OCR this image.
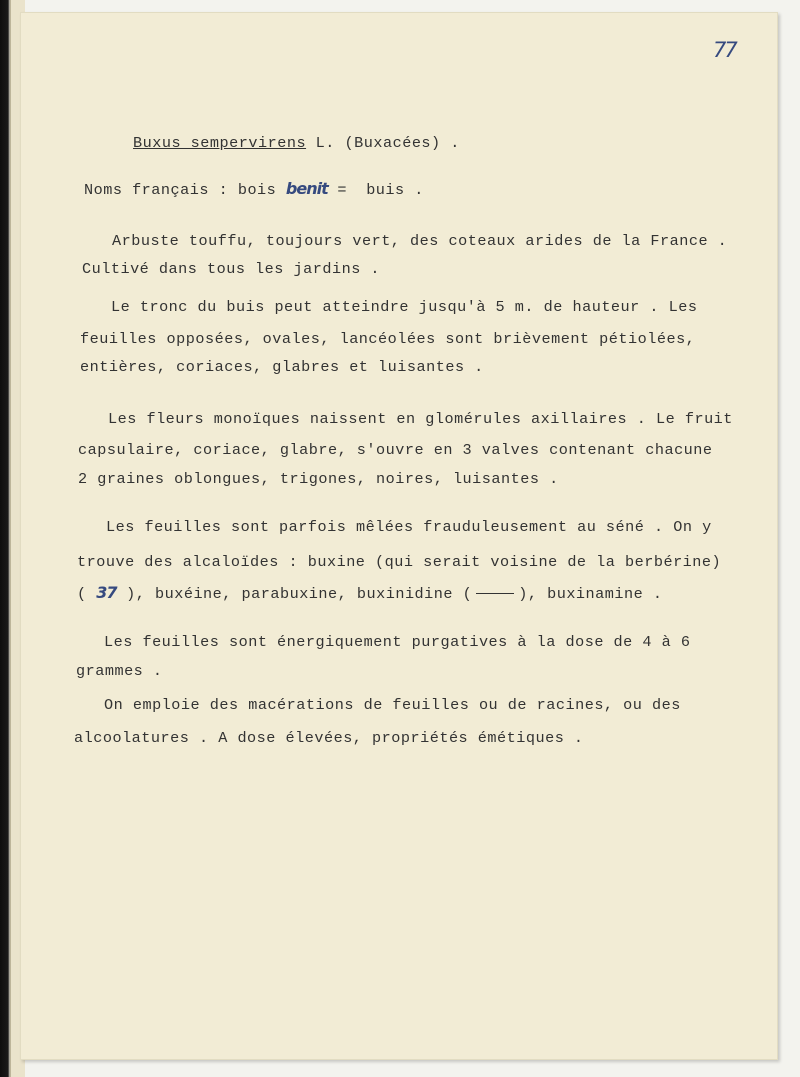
77
Buxus sempervirens L. (Buxacées) .
Noms français : bois benit =  buis .
Arbuste touffu, toujours vert, des coteaux arides de la France .
Cultivé dans tous les jardins .
Le tronc du buis peut atteindre jusqu'à 5 m. de hauteur . Les
feuilles opposées, ovales, lancéolées sont brièvement pétiolées,
entières, coriaces, glabres et luisantes .
Les fleurs monoïques naissent en glomérules axillaires . Le fruit
capsulaire, coriace, glabre, s'ouvre en 3 valves contenant chacune
2 graines oblongues, trigones, noires, luisantes .
Les feuilles sont parfois mêlées frauduleusement au séné . On y
trouve des alcaloïdes : buxine (qui serait voisine de la berbérine)
( 37 ), buxéine, parabuxine, buxinidine (	), buxinamine .
Les feuilles sont énergiquement purgatives à la dose de 4 à 6
grammes .
On emploie des macérations de feuilles ou de racines, ou des
alcoolatures . A dose élevées, propriétés émétiques .
